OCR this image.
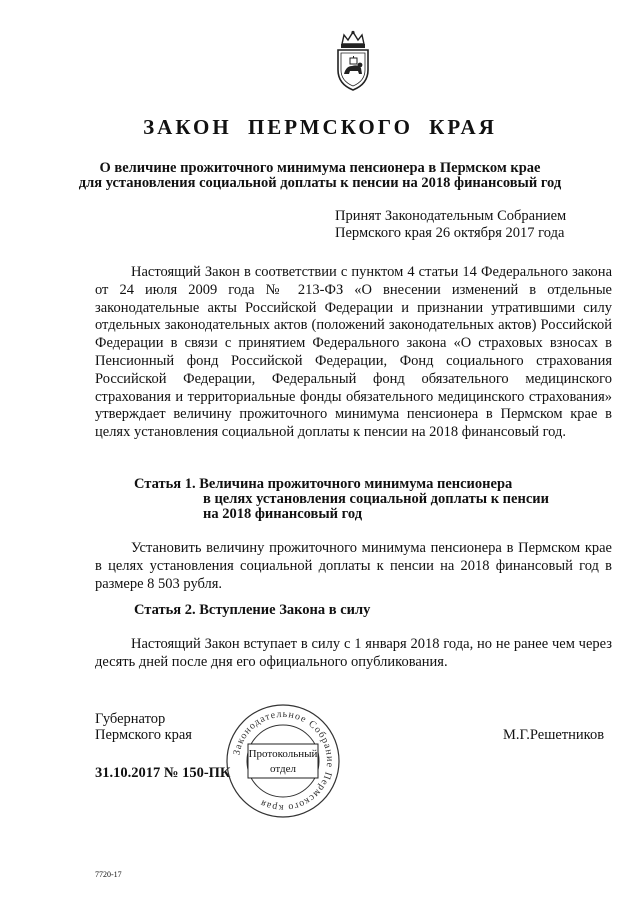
ЗАКОН ПЕРМСКОГО КРАЯ
О величине прожиточного минимума пенсионера в Пермском крае
для установления социальной доплаты к пенсии на 2018 финансовый год
Принят Законодательным Собранием
Пермского края 26 октября 2017 года

Настоящий Закон в соответствии с пунктом 4 статьи 14 Федерального закона от 24 июля 2009 года № 213-ФЗ «О внесении изменений в отдельные законодательные акты Российской Федерации и признании утратившими силу отдельных законодательных актов (положений законодательных актов) Российской Федерации в связи с принятием Федерального закона «О страховых взносах в Пенсионный фонд Российской Федерации, Фонд социального страхования Российской Федерации, Федеральный фонд обязательного медицинского страхования и территориальные фонды обязательного медицинского страхования» утверждает величину прожиточного минимума пенсионера в Пермском крае в целях установления социальной доплаты к пенсии на 2018 финансовый год.

Статья 1. Величина прожиточного минимума пенсионера
в целях установления социальной доплаты к пенсии
на 2018 финансовый год

Установить величину прожиточного минимума пенсионера в Пермском крае в целях установления социальной доплаты к пенсии на 2018 финансовый год в размере 8 503 рубля.

Статья 2. Вступление Закона в силу

Настоящий Закон вступает в силу с 1 января 2018 года, но не ранее чем через десять дней после дня его официального опубликования.

Губернатор
Пермского края	М.Г.Решетников
31.10.2017 № 150-ПК
Законодательное Собрание Пермского края
Протокольный
отдел
7720-17
